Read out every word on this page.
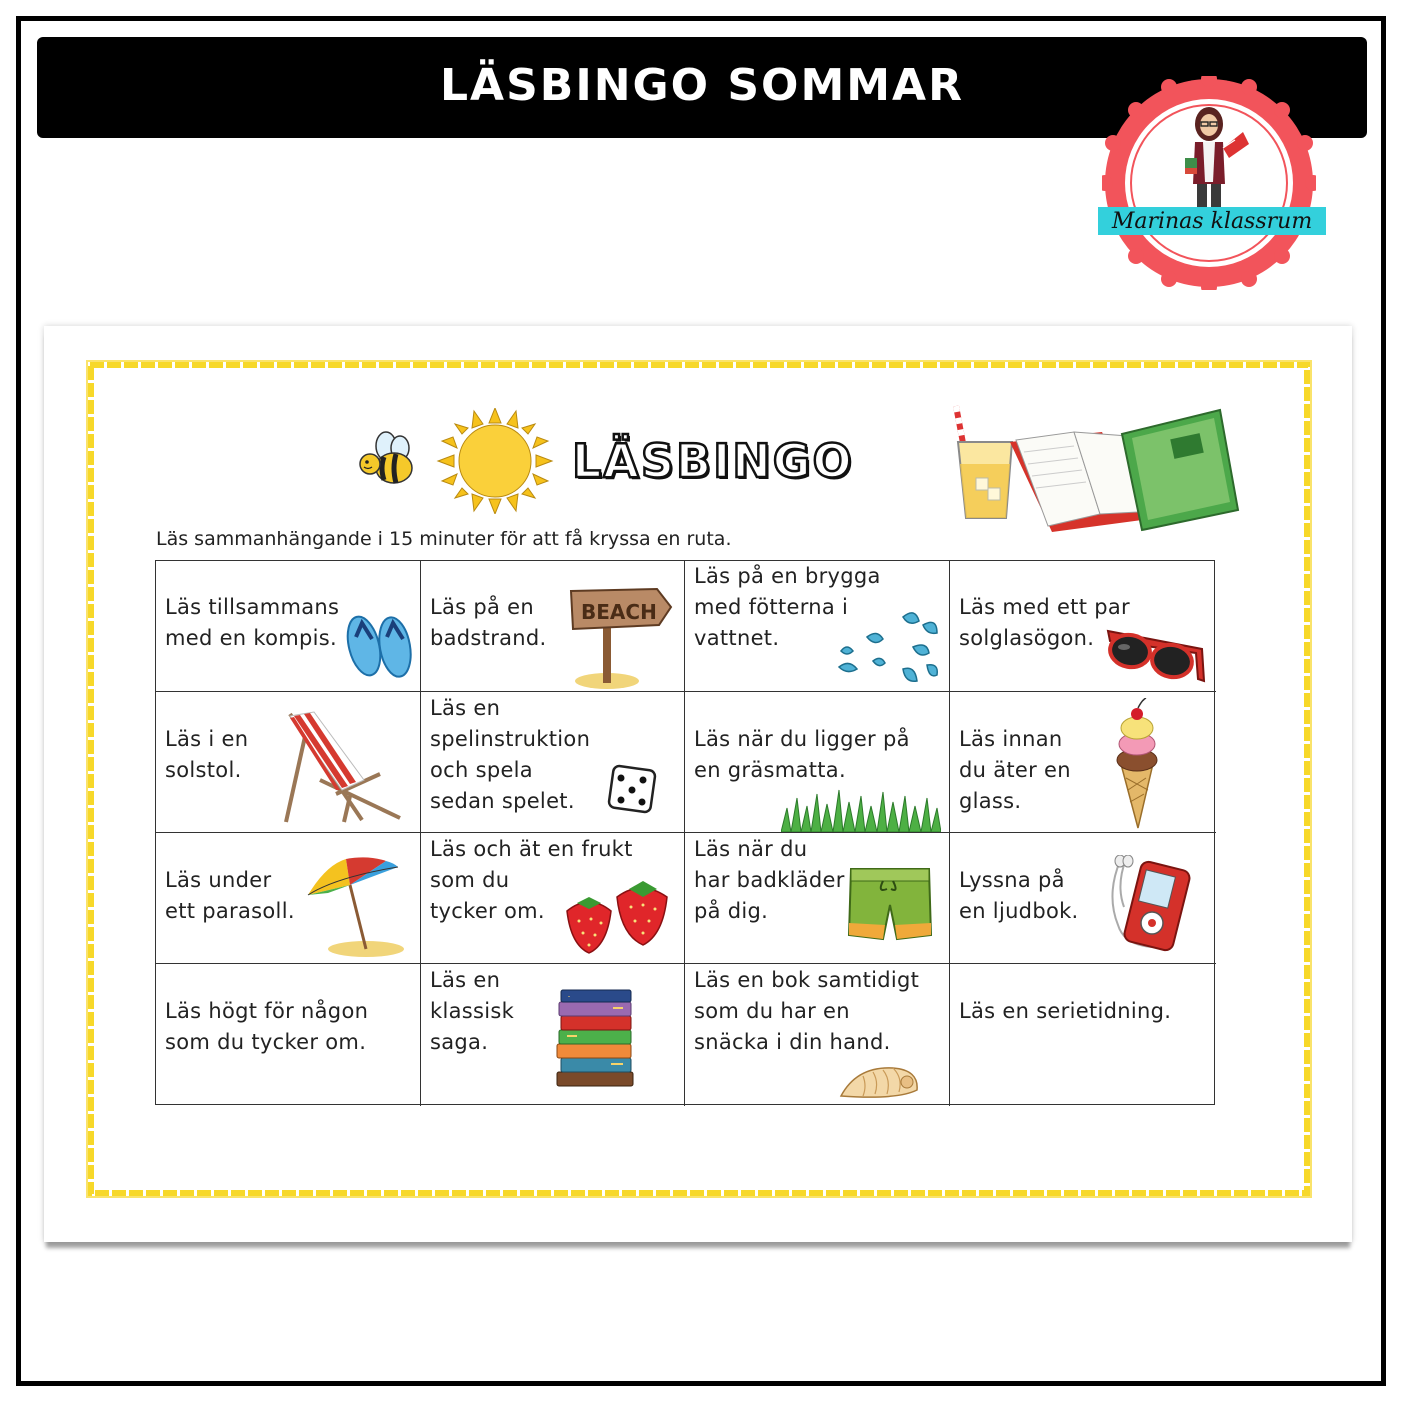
LÄSBINGO SOMMAR
Marinas klassrum
LÄSBINGO
Läs sammanhängande i 15 minuter för att få kryssa en ruta.
Läs tillsammans
med en kompis.
Läs på en
badstrand.
BEACH
Läs på en brygga
med fötterna i
vattnet.
Läs med ett par
solglasögon.
Läs i en
solstol.
Läs en
spelinstruktion
och spela
sedan spelet.
Läs när du ligger på
en gräsmatta.
Läs innan
du äter en
glass.
Läs under
ett parasoll.
Läs och ät en frukt
som du
tycker om.
Läs när du
har badkläder
på dig.
Lyssna på
en ljudbok.
Läs högt för någon
som du tycker om.
Läs en
klassisk
saga.
Läs en bok samtidigt
som du har en
snäcka i din hand.
Läs en serietidning.
